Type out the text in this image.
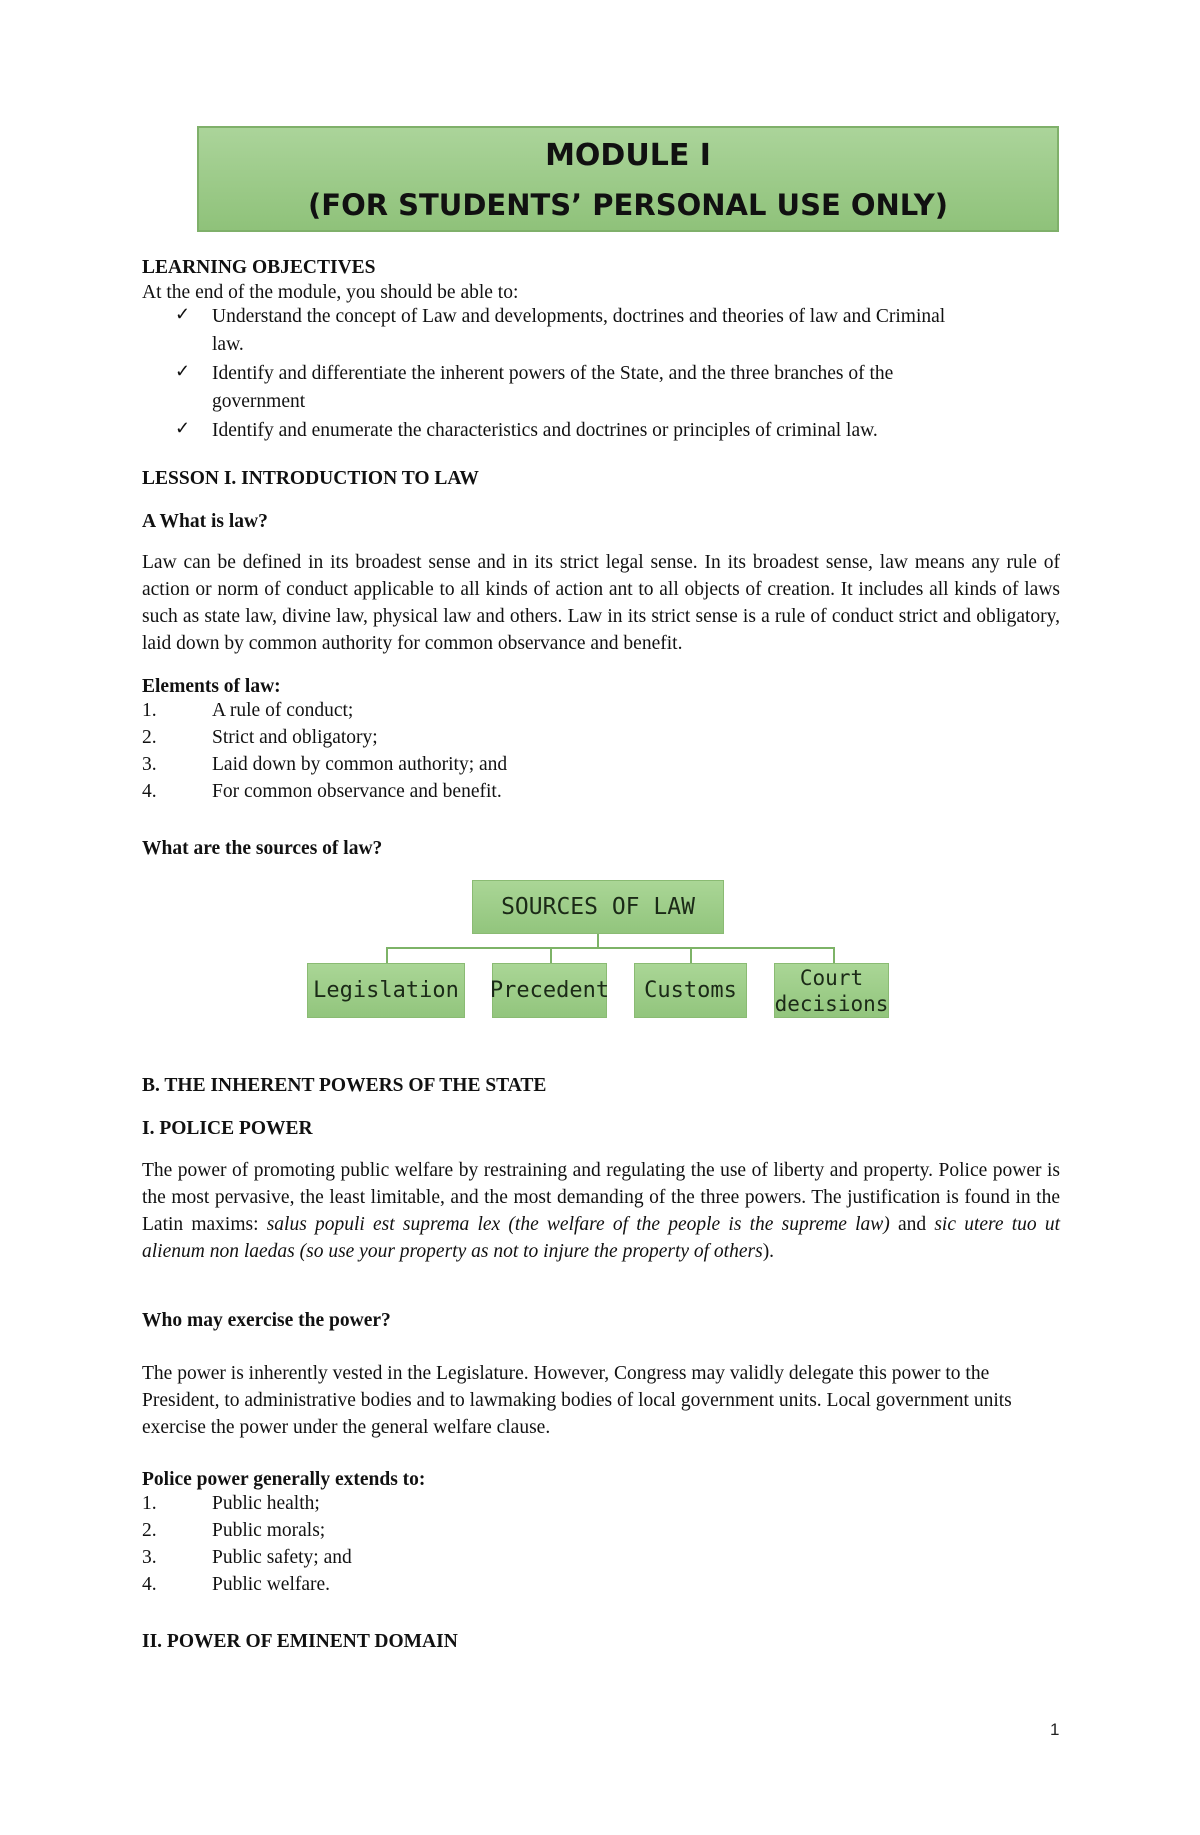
MODULE I
(FOR STUDENTS’ PERSONAL USE ONLY)
LEARNING OBJECTIVES
At the end of the module, you should be able to:
✓ Understand the concept of Law and developments, doctrines and theories of law and Criminal
law.
✓ Identify and differentiate the inherent powers of the State, and the three branches of the
government
✓ Identify and enumerate the characteristics and doctrines or principles of criminal law.
LESSON I. INTRODUCTION TO LAW
A What is law?
Law can be defined in its broadest sense and in its strict legal sense. In its broadest sense, law means any rule of action or norm of conduct applicable to all kinds of action ant to all objects of creation. It includes all kinds of laws such as state law, divine law, physical law and others. Law in its strict sense is a rule of conduct strict and obligatory, laid down by common authority for common observance and benefit.
Elements of law:
1.	A rule of conduct;
2.	Strict and obligatory;
3.	Laid down by common authority; and
4.	For common observance and benefit.
What are the sources of law?
SOURCES OF LAW
Legislation Precedent	Customs
Court decisions
B. THE INHERENT POWERS OF THE STATE
I. POLICE POWER
The power of promoting public welfare by restraining and regulating the use of liberty and property. Police power is the most pervasive, the least limitable, and the most demanding of the three powers. The justification is found in the Latin maxims: salus populi est suprema lex (the welfare of the people is the supreme law) and sic utere tuo ut alienum non laedas (so use your property as not to injure the property of others).
Who may exercise the power?
The power is inherently vested in the Legislature. However, Congress may validly delegate this power to the President, to administrative bodies and to lawmaking bodies of local government units. Local government units exercise the power under the general welfare clause.
Police power generally extends to:
1.	Public health;
2.	Public morals;
3.	Public safety; and
4.	Public welfare.
II. POWER OF EMINENT DOMAIN
1
